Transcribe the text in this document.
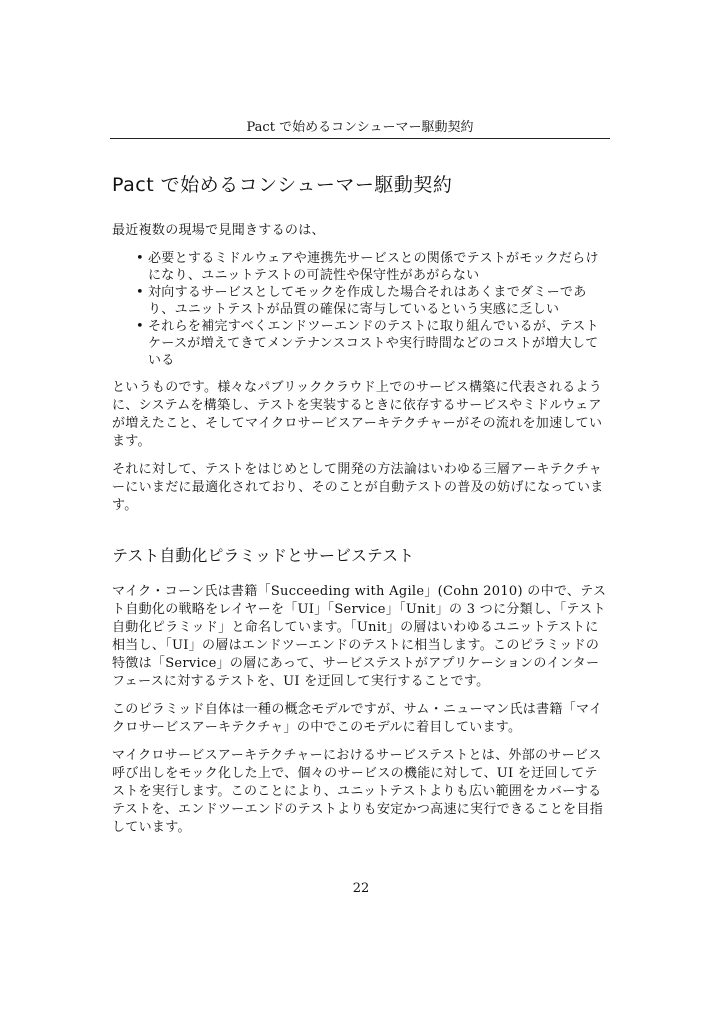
Pact で始めるコンシューマー駆動契約
Pact で始めるコンシューマー駆動契約

最近複数の現場で見聞きするのは、

• 必要とするミドルウェアや連携先サービスとの関係でテストがモックだらけになり、ユニットテストの可読性や保守性があがらない
• 対向するサービスとしてモックを作成した場合それはあくまでダミーであり、ユニットテストが品質の確保に寄与しているという実感に乏しい
• それらを補完すべくエンドツーエンドのテストに取り組んでいるが、テストケースが増えてきてメンテナンスコストや実行時間などのコストが増大している

というものです。様々なパブリッククラウド上でのサービス構築に代表されるように、システムを構築し、テストを実装するときに依存するサービスやミドルウェアが増えたこと、そしてマイクロサービスアーキテクチャーがその流れを加速しています。

それに対して、テストをはじめとして開発の方法論はいわゆる三層アーキテクチャーにいまだに最適化されており、そのことが自動テストの普及の妨げになっています。

テスト自動化ピラミッドとサービステスト

マイク・コーン氏は書籍「Succeeding with Agile」(Cohn 2010) の中で、テスト自動化の戦略をレイヤーを「UI」「Service」「Unit」の 3 つに分類し、「テスト自動化ピラミッド」と命名しています。「Unit」の層はいわゆるユニットテストに相当し、「UI」の層はエンドツーエンドのテストに相当します。このピラミッドの特徴は「Service」の層にあって、サービステストがアプリケーションのインターフェースに対するテストを、UI を迂回して実行することです。

このピラミッド自体は一種の概念モデルですが、サム・ニューマン氏は書籍「マイクロサービスアーキテクチャ」の中でこのモデルに着目しています。

マイクロサービスアーキテクチャーにおけるサービステストとは、外部のサービス呼び出しをモック化した上で、個々のサービスの機能に対して、UI を迂回してテストを実行します。このことにより、ユニットテストよりも広い範囲をカバーするテストを、エンドツーエンドのテストよりも安定かつ高速に実行できることを目指しています。

22
